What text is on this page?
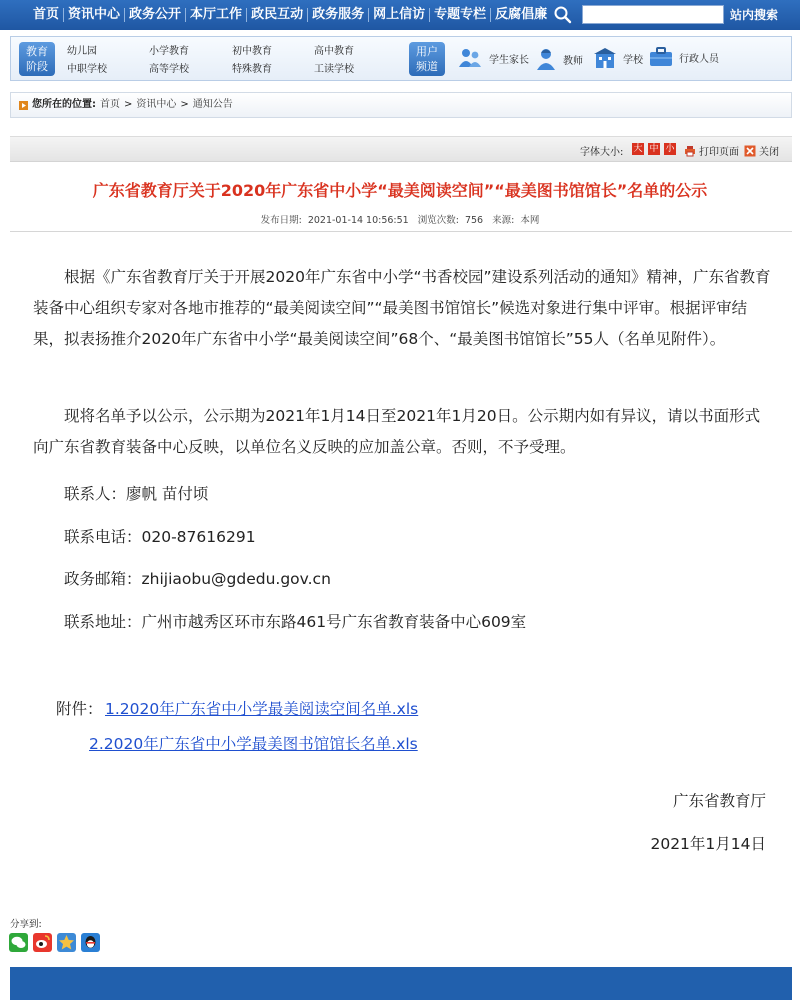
首页 资讯中心 政务公开 本厅工作 政民互动 政务服务 网上信访 专题专栏 反腐倡廉	站内搜索
教育
阶段
幼儿园
中职学校
小学教育
高等学校
初中教育
特殊教育
高中教育
工读学校
用户
频道	学生家长	教师	学校	行政人员
您所在的位置: 首页 > 资讯中心 > 通知公告
字体大小: 大 中 小 打印页面 关闭
广东省教育厅关于2020年广东省中小学“最美阅读空间”“最美图书馆馆长”名单的公示
发布日期: 2021-01-14 10:56:51 浏览次数: 756 来源: 本网
根据《广东省教育厅关于开展2020年广东省中小学“书香校园”建设系列活动的通知》精神，广东省教育装备中心组织专家对各地市推荐的“最美阅读空间”“最美图书馆馆长”候选对象进行集中评审。根据评审结果，拟表扬推介2020年广东省中小学“最美阅读空间”68个、“最美图书馆馆长”55人（名单见附件）。
现将名单予以公示，公示期为2021年1月14日至2021年1月20日。公示期内如有异议，请以书面形式向广东省教育装备中心反映，以单位名义反映的应加盖公章。否则，不予受理。
联系人：廖帆 苗付顷
联系电话：020-87616291
政务邮箱：zhijiaobu@gdedu.gov.cn
联系地址：广州市越秀区环市东路461号广东省教育装备中心609室
附件： 1.2020年广东省中小学最美阅读空间名单.xls
2.2020年广东省中小学最美图书馆馆长名单.xls
广东省教育厅
2021年1月14日
分享到:
